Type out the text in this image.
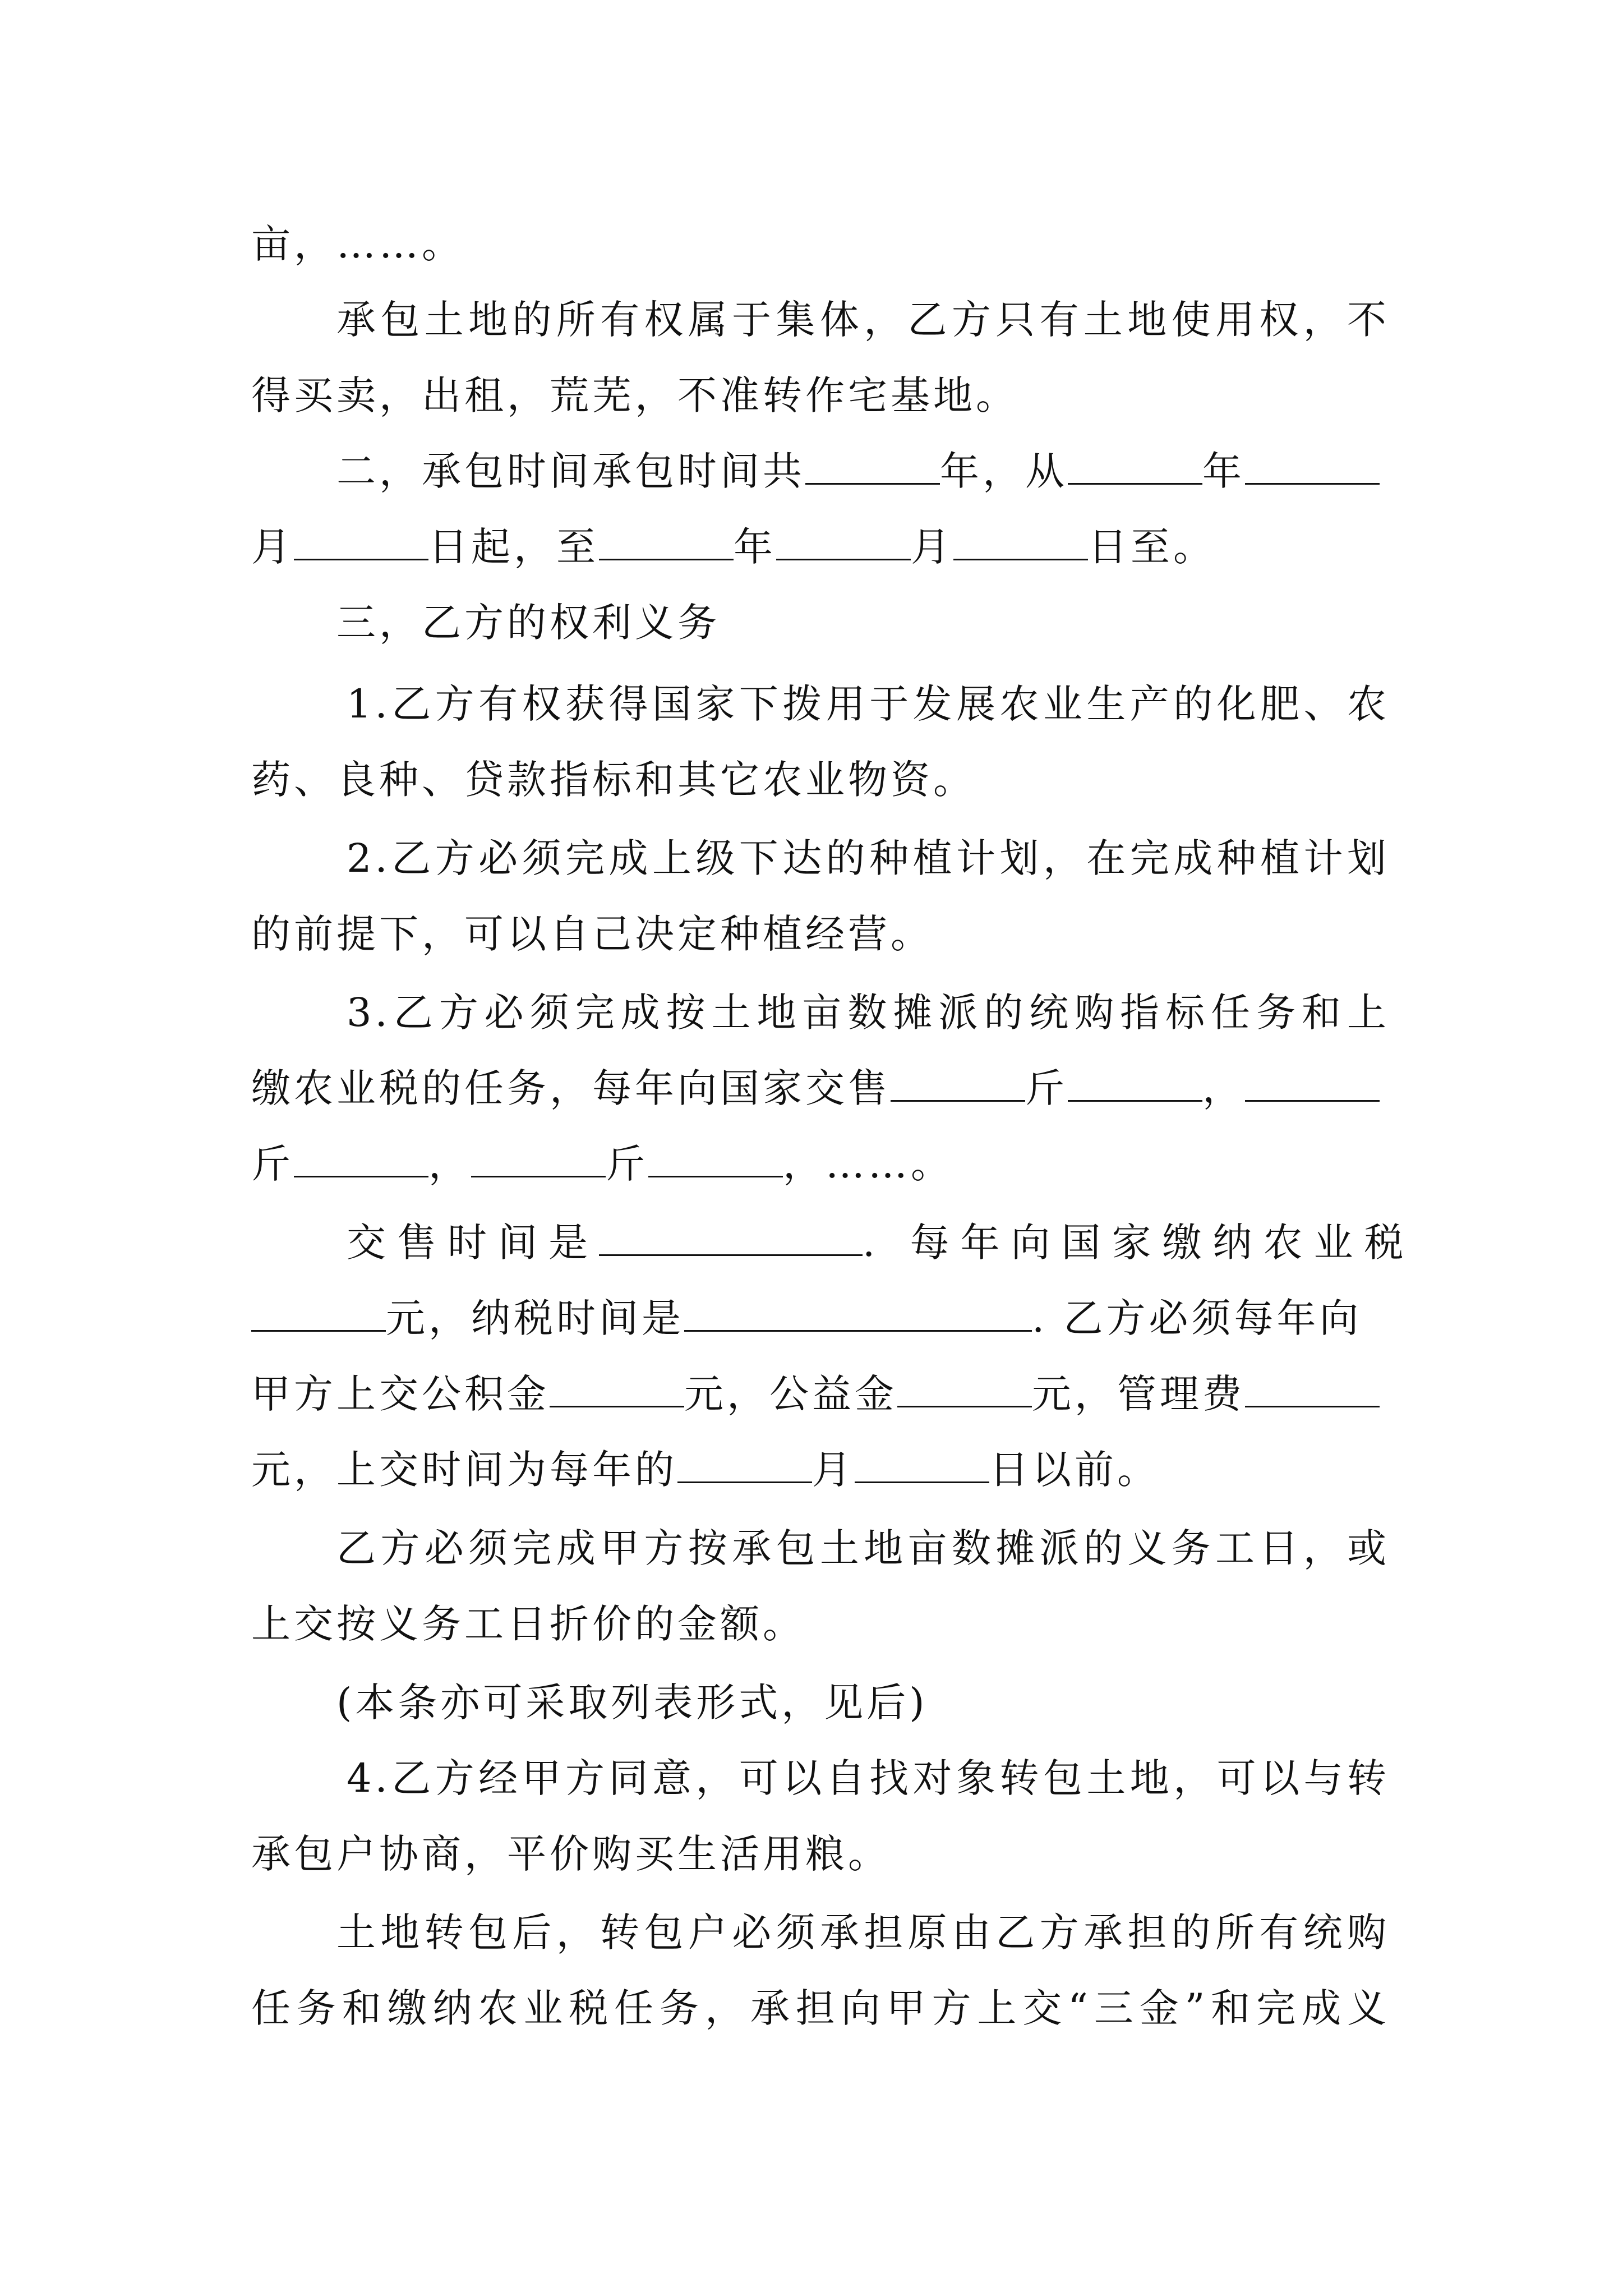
亩，……。
承包土地的所有权属于集体，乙方只有土地使用权，不
得买卖，出租，荒芜，不准转作宅基地。
二，承包时间承包时间共	年，从	年
月	日起，至	年	月	日至。
三，乙方的权利义务
1.乙方有权获得国家下拨用于发展农业生产的化肥、农
药、良种、贷款指标和其它农业物资。
2.乙方必须完成上级下达的种植计划，在完成种植计划
的前提下，可以自己决定种植经营。
3.乙方必须完成按土地亩数摊派的统购指标任务和上
缴农业税的任务，每年向国家交售	斤	，
斤	，	斤	，……。
交售时间是	. 每年向国家缴纳农业税
元，纳税时间是	. 乙方必须每年向
甲方上交公积金	元，公益金	元，管理费
元，上交时间为每年的	月	日以前。
乙方必须完成甲方按承包土地亩数摊派的义务工日，或
上交按义务工日折价的金额。
(本条亦可采取列表形式，见后)
4.乙方经甲方同意，可以自找对象转包土地，可以与转
承包户协商，平价购买生活用粮。
土地转包后，转包户必须承担原由乙方承担的所有统购
任务和缴纳农业税任务，承担向甲方上交“三金”和完成义
